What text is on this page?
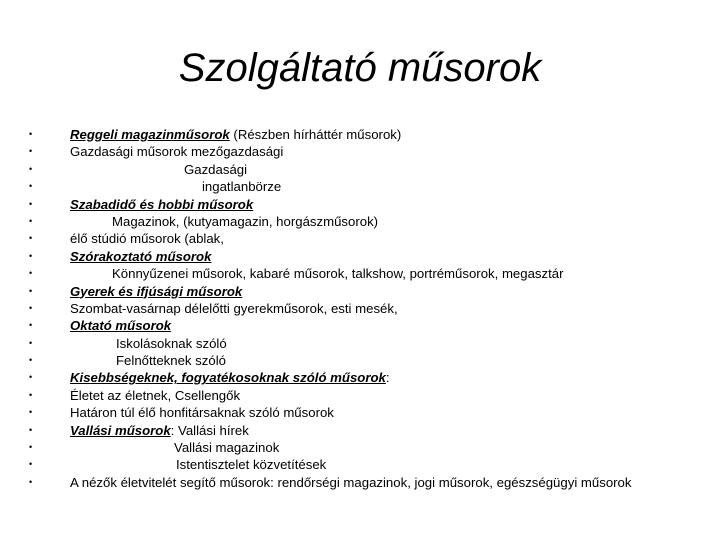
Szolgáltató műsorok
•	Reggeli magazinműsorok (Részben hírháttér műsorok)
•	Gazdasági műsorok mezőgazdasági
•	Gazdasági
•	ingatlanbörze
•	Szabadidő és hobbi műsorok
•	Magazinok, (kutyamagazin, horgászműsorok)
•	élő stúdió műsorok (ablak,
•	Szórakoztató műsorok
•	Könnyűzenei műsorok, kabaré műsorok, talkshow, portréműsorok, megasztár
•	Gyerek és ifjúsági műsorok
•	Szombat-vasárnap délelőtti gyerekműsorok, esti mesék,
•	Oktató műsorok
•	Iskolásoknak szóló
•	Felnőtteknek szóló
•	Kisebbségeknek, fogyatékosoknak szóló műsorok:
•	Életet az életnek, Csellengők
•	Határon túl élő honfitársaknak szóló műsorok
•	Vallási műsorok: Vallási hírek
•	Vallási magazinok
•	Istentisztelet közvetítések
•	A nézők életvitelét segítő műsorok: rendőrségi magazinok, jogi műsorok, egészségügyi műsorok
